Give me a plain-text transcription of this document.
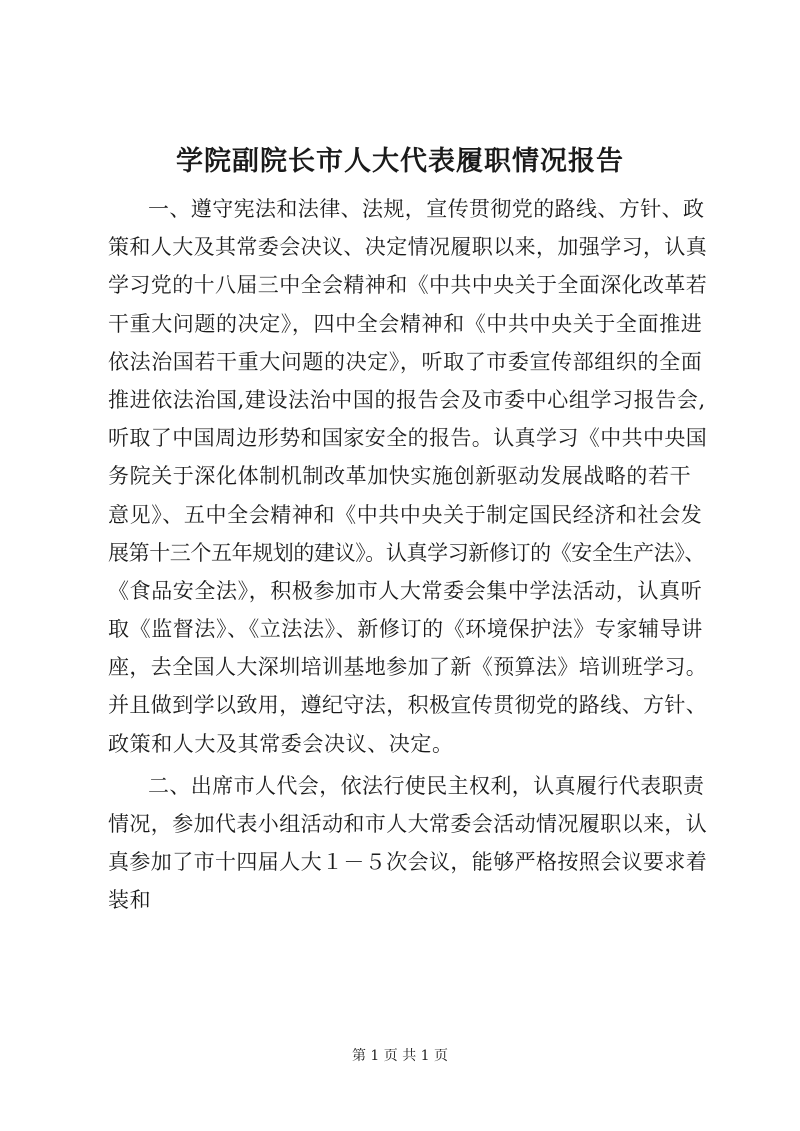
学院副院长市人大代表履职情况报告
一、遵守宪法和法律、法规，宣传贯彻党的路线、方针、政
策和人大及其常委会决议、决定情况履职以来，加强学习，认真
学习党的十八届三中全会精神和《中共中央关于全面深化改革若
干重大问题的决定》，四中全会精神和《中共中央关于全面推进
依法治国若干重大问题的决定》，听取了市委宣传部组织的全面
推进依法治国,建设法治中国的报告会及市委中心组学习报告会,
听取了中国周边形势和国家安全的报告。认真学习《中共中央国
务院关于深化体制机制改革加快实施创新驱动发展战略的若干
意见》、五中全会精神和《中共中央关于制定国民经济和社会发
展第十三个五年规划的建议》。认真学习新修订的《安全生产法》、
《食品安全法》，积极参加市人大常委会集中学法活动，认真听
取《监督法》、《立法法》、新修订的《环境保护法》专家辅导讲
座，去全国人大深圳培训基地参加了新《预算法》培训班学习。
并且做到学以致用，遵纪守法，积极宣传贯彻党的路线、方针、
政策和人大及其常委会决议、决定。
二、出席市人代会，依法行使民主权利，认真履行代表职责
情况，参加代表小组活动和市人大常委会活动情况履职以来，认
真参加了市十四届人大１－５次会议，能够严格按照会议要求着
装和
第 1 页 共 1 页
